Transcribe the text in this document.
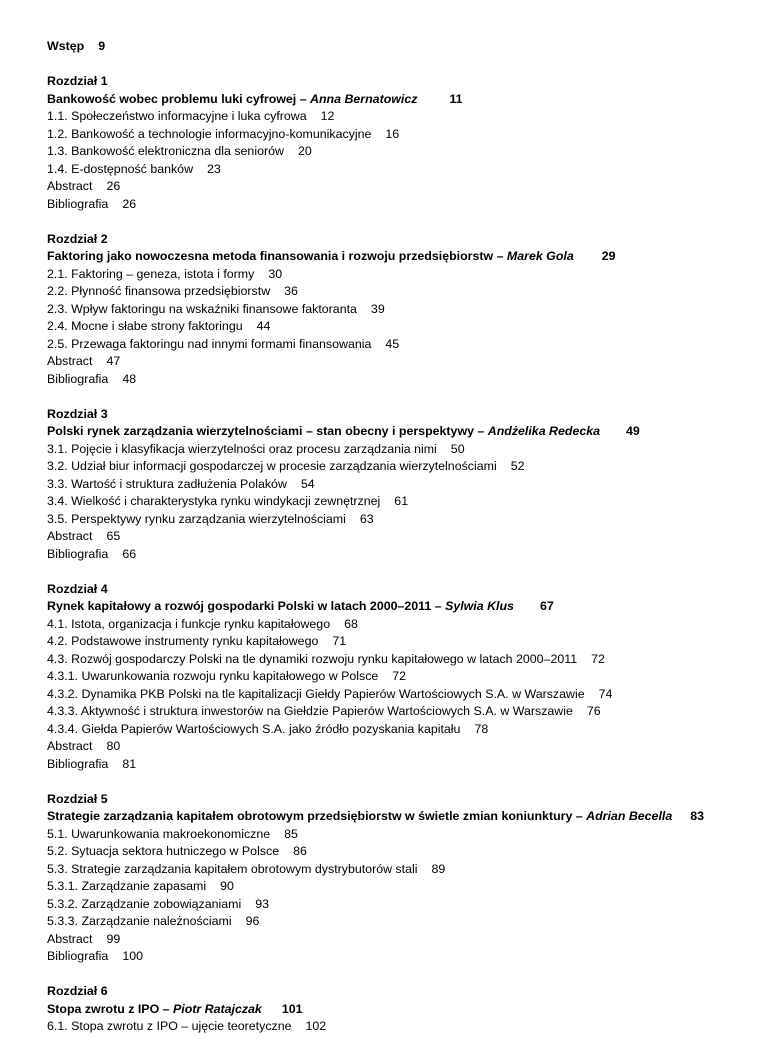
Wstęp 9
Rozdział 1
Bankowość wobec problemu luki cyfrowej – Anna Bernatowicz	11
1.1. Społeczeństwo informacyjne i luka cyfrowa 12
1.2. Bankowość a technologie informacyjno-komunikacyjne 16
1.3. Bankowość elektroniczna dla seniorów 20
1.4. E-dostępność banków 23
Abstract 26
Bibliografia 26
Rozdział 2
Faktoring jako nowoczesna metoda finansowania i rozwoju przedsiębiorstw – Marek Gola 29
2.1. Faktoring – geneza, istota i formy 30
2.2. Płynność finansowa przedsiębiorstw 36
2.3. Wpływ faktoringu na wskaźniki finansowe faktoranta 39
2.4. Mocne i słabe strony faktoringu 44
2.5. Przewaga faktoringu nad innymi formami finansowania 45
Abstract 47
Bibliografia 48
Rozdział 3
Polski rynek zarządzania wierzytelnościami – stan obecny i perspektywy – Andżelika Redecka 49
3.1. Pojęcie i klasyfikacja wierzytelności oraz procesu zarządzania nimi 50
3.2. Udział biur informacji gospodarczej w procesie zarządzania wierzytelnościami 52
3.3. Wartość i struktura zadłużenia Polaków 54
3.4. Wielkość i charakterystyka rynku windykacji zewnętrznej 61
3.5. Perspektywy rynku zarządzania wierzytelnościami 63
Abstract 65
Bibliografia 66
Rozdział 4
Rynek kapitałowy a rozwój gospodarki Polski w latach 2000–2011 – Sylwia Klus 67
4.1. Istota, organizacja i funkcje rynku kapitałowego 68
4.2. Podstawowe instrumenty rynku kapitałowego 71
4.3. Rozwój gospodarczy Polski na tle dynamiki rozwoju rynku kapitałowego w latach 2000–2011 72
4.3.1. Uwarunkowania rozwoju rynku kapitałowego w Polsce 72
4.3.2. Dynamika PKB Polski na tle kapitalizacji Giełdy Papierów Wartościowych S.A. w Warszawie 74
4.3.3. Aktywność i struktura inwestorów na Giełdzie Papierów Wartościowych S.A. w Warszawie 76
4.3.4. Giełda Papierów Wartościowych S.A. jako źródło pozyskania kapitału 78
Abstract 80
Bibliografia 81
Rozdział 5
Strategie zarządzania kapitałem obrotowym przedsiębiorstw w świetle zmian koniunktury – Adrian Becella 83
5.1. Uwarunkowania makroekonomiczne 85
5.2. Sytuacja sektora hutniczego w Polsce 86
5.3. Strategie zarządzania kapitałem obrotowym dystrybutorów stali 89
5.3.1. Zarządzanie zapasami 90
5.3.2. Zarządzanie zobowiązaniami 93
5.3.3. Zarządzanie należnościami 96
Abstract 99
Bibliografia 100
Rozdział 6
Stopa zwrotu z IPO – Piotr Ratajczak 101
6.1. Stopa zwrotu z IPO – ujęcie teoretyczne 102
